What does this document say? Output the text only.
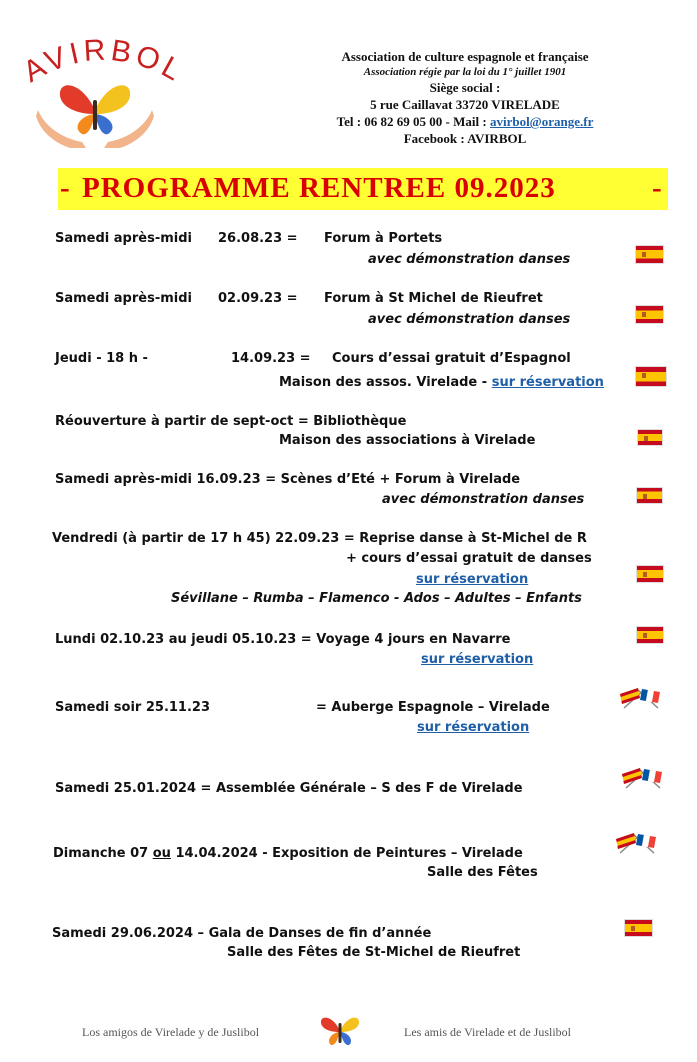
AVIRBOL	Association de culture espagnole et française
Association régie par la loi du 1° juillet 1901
Siège social :
5 rue Caillavat 33720 VIRELADE
Tel : 06 82 69 05 00 - Mail : avirbol@orange.fr
Facebook : AVIRBOL
- PROGRAMME RENTREE 09.2023	-
Samedi après-midi 26.08.23 = Forum à Portets
avec démonstration danses
Samedi après-midi 02.09.23 = Forum à St Michel de Rieufret
avec démonstration danses
Jeudi - 18 h -	14.09.23 = Cours d’essai gratuit d’Espagnol
Maison des assos. Virelade - sur réservation
Réouverture à partir de sept-oct = Bibliothèque
Maison des associations à Virelade
Samedi après-midi 16.09.23 = Scènes d’Eté + Forum à Virelade
avec démonstration danses
Vendredi (à partir de 17 h 45) 22.09.23 = Reprise danse à St-Michel de R
+ cours d’essai gratuit de danses
sur réservation
Sévillane – Rumba – Flamenco - Ados – Adultes – Enfants
Lundi 02.10.23 au jeudi 05.10.23 = Voyage 4 jours en Navarre
sur réservation
Samedi soir 25.11.23	= Auberge Espagnole – Virelade
sur réservation
Samedi 25.01.2024 = Assemblée Générale – S des F de Virelade
Dimanche 07 ou 14.04.2024 - Exposition de Peintures – Virelade
Salle des Fêtes
Samedi 29.06.2024 – Gala de Danses de fin d’année
Salle des Fêtes de St-Michel de Rieufret
Los amigos de Virelade y de Juslibol	Les amis de Virelade et de Juslibol
